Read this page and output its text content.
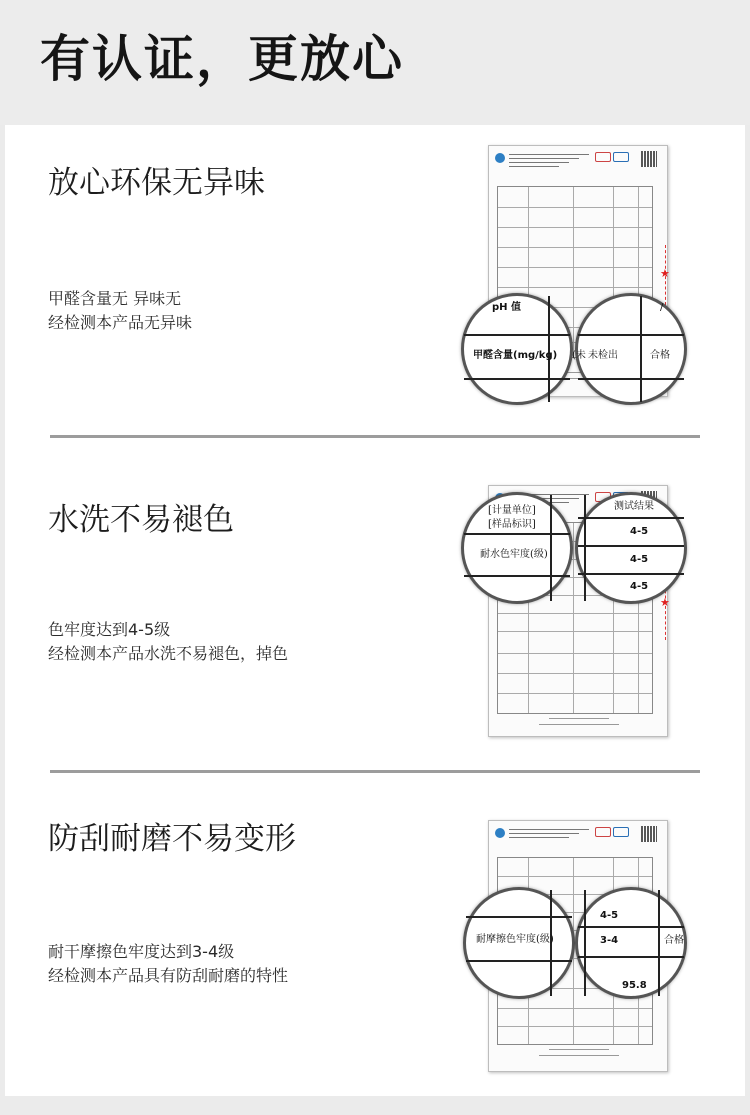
有认证，更放心
放心环保无异味
甲醛含量无 异味无
经检测本产品无异味
★
pH 值
甲醛含量(mg/kg)
/
(未 未检出	合格
水洗不易褪色
色牢度达到4-5级
经检测本产品水洗不易褪色，掉色
★
[计量单位]
[样品标识]
耐水色牢度(级)
测试结果
4-5
4-5
4-5
防刮耐磨不易变形
耐干摩擦色牢度达到3-4级
经检测本产品具有防刮耐磨的特性
耐摩擦色牢度(级)
4-5
3-4	合格
95.8
